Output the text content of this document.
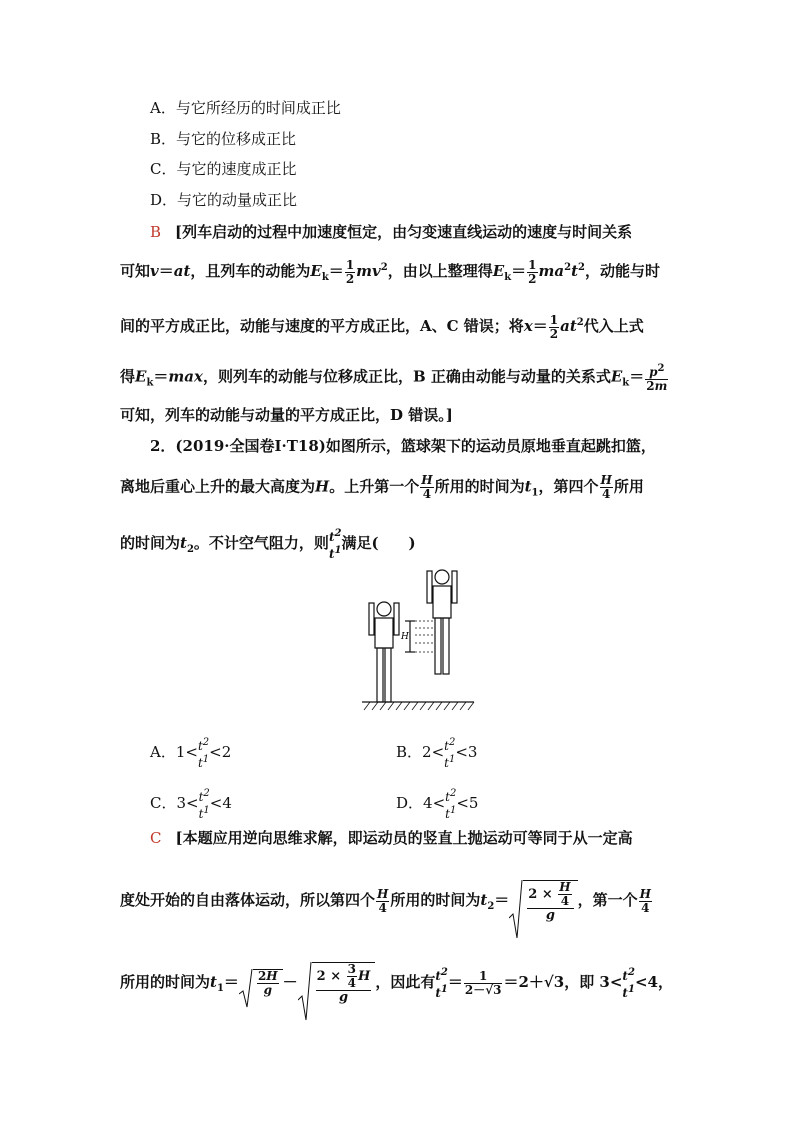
A．与它所经历的时间成正比
B．与它的位移成正比
C．与它的速度成正比
D．与它的动量成正比
B [列车启动的过程中加速度恒定，由匀变速直线运动的速度与时间关系
可知v＝at，且列车的动能为$E_k= \frac{1}{2} mv^2$，由以上整理得$E_k= \frac{1}{2} ma^2t^2$，动能与时
间的平方成正比，动能与速度的平方成正比，A、C 错误；将$x= \frac{1}{2} at^2$代入上式
得$E_k=\max$，则列车的动能与位移成正比，B 正确由动能与动量的关系式$E_k= \frac{p^2}{2m}$
可知，列车的动能与动量的平方成正比，D 错误。]
2．(2019·全国卷Ⅰ·T18)如图所示，篮球架下的运动员原地垂直起跳扣篮，
离地后重心上升的最大高度为H。上升第一个 $\frac{H}{4}$ 所用的时间为$t_1$，第四个 $\frac{H}{4}$ 所用
的时间为$t_2$。不计空气阻力，则 $t^2$
$t^1$ 满足(　　)
H
A．$1< t^2$
$t^1 <2$	B．$2< t^2$
$t^1 <3$
C．$3< t^2$
$t^1 <4$	D．$4< t^2$
$t^1 <5$
C [本题应用逆向思维求解，即运动员的竖直上抛运动可等同于从一定高
度处开始的自由落体运动，所以第四个 $\frac{H}{4}$ 所用的时间为$t_2= \frac{2 \times \frac{H}{4}}{g}$ ，第一个 $\frac{H}{4}$
所用的时间为$t_1= \frac{2H}{g} - \frac{2 \times \frac{3}{4} H}{g}$ ，因此有 $t^2$
$t^1 = \frac{1}{2-√3} =2+√3$，即 $3< t^2$
$t^1 <4$，
